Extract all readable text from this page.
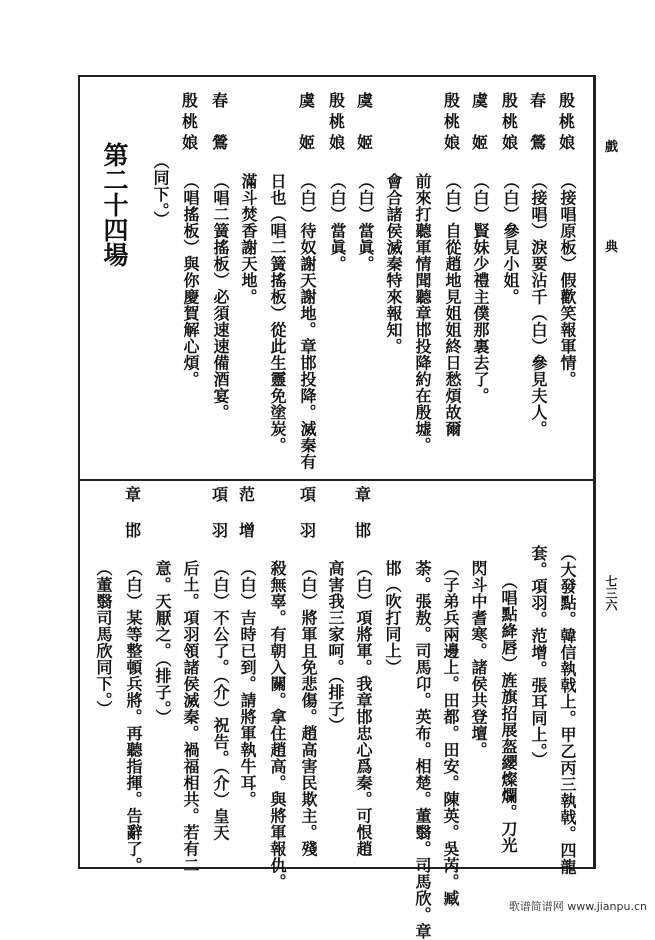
戲
典
七三六
殷
桃
娘
（接唱原板）假歡笑報軍情。
春
鶯
（接唱）淚要沾千（白）參見夫人。
殷
桃
娘
（白）參見小姐。
虞
姬
（白）賢妹少禮主僕那裏去了。
殷
桃
娘
（白）自從趙地見姐姐終日愁煩故爾
前來打聽軍情聞聽章邯投降約在殷墟。
會合諸侯滅秦特來報知。
虞
姬
（白）當眞。
殷
桃
娘
（白）當眞。
虞
姬
（白）待奴謝天謝地。章邯投降。滅秦有
日也（唱二簧搖板）從此生靈免塗炭。
滿斗焚香謝天地。
春
鶯
（唱二簧搖板）必須速速備酒宴。
殷
桃
娘
（唱搖板）與你慶賀解心煩。
（同下。）
第二十四場
（大發點。韓信執戟上。甲乙丙三執戟。四龍
套。項羽。范增。張耳同上。）
（唱點絳唇）旌旗招展盔纓燦爛。刀光
閃斗中耆寒。諸侯共登壇。
（子弟兵兩邊上。田都。田安。陳英。吳芮。臧
荼。張敖。司馬卬。英布。相楚。董翳。司馬欣。章
邯（吹打同上）
章
邯
（白）項將軍。我章邯忠心爲秦。可恨趙
高害我三家呵。（排子）
項
羽
（白）將軍且免悲傷。趙高害民欺主。殘
殺無辜。有朝入關。拿住趙高。與將軍報仇。
范
增
（白）吉時已到。請將軍執牛耳。
項
羽
（白）不公了。（介）祝告。（介）皇天
后土。項羽領諸侯滅秦。禍福相共。若有二
意。天厭之。（排子。）
章
邯
（白）某等整頓兵將。再聽指揮。告辭了。
（董翳司馬欣同下。）
歌谱简谱网 www.jianpu.cn
